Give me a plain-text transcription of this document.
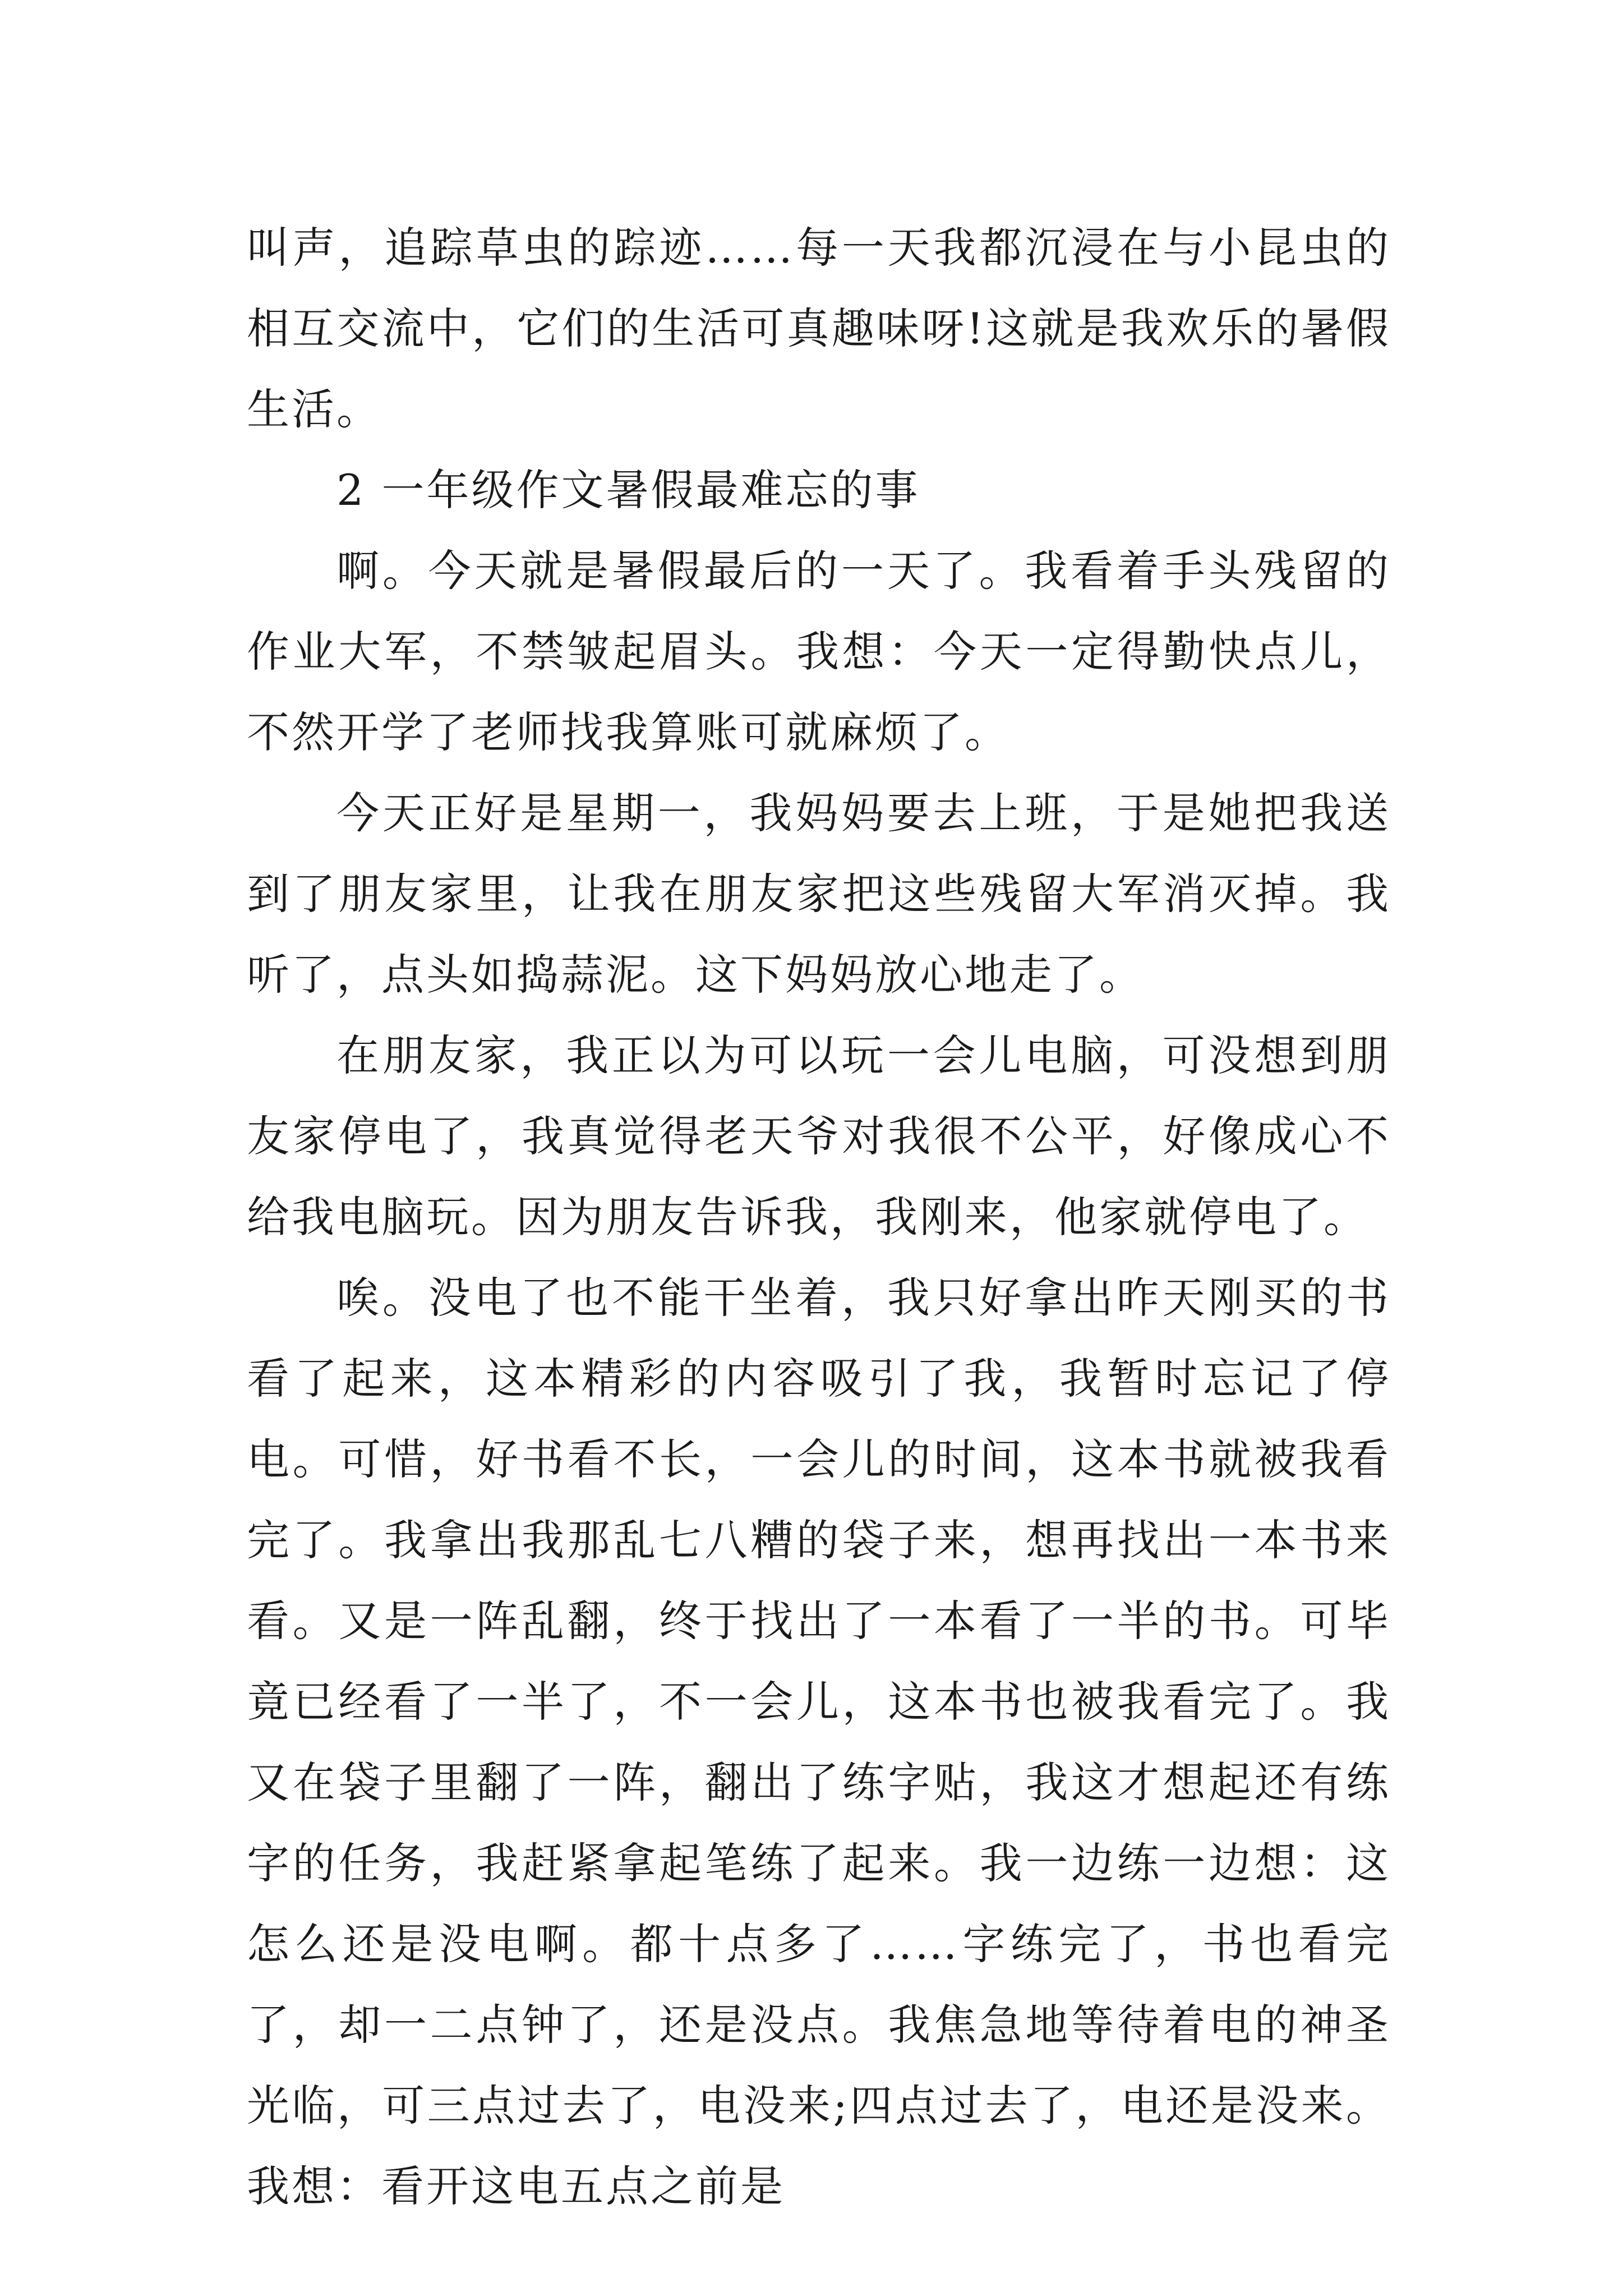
叫声，追踪草虫的踪迹……每一天我都沉浸在与小昆虫的相互交流中，它们的生活可真趣味呀!这就是我欢乐的暑假生活。

2 一年级作文暑假最难忘的事

啊。今天就是暑假最后的一天了。我看着手头残留的作业大军，不禁皱起眉头。我想：今天一定得勤快点儿，不然开学了老师找我算账可就麻烦了。

今天正好是星期一，我妈妈要去上班，于是她把我送到了朋友家里，让我在朋友家把这些残留大军消灭掉。我听了，点头如捣蒜泥。这下妈妈放心地走了。

在朋友家，我正以为可以玩一会儿电脑，可没想到朋友家停电了，我真觉得老天爷对我很不公平，好像成心不给我电脑玩。因为朋友告诉我，我刚来，他家就停电了。

唉。没电了也不能干坐着，我只好拿出昨天刚买的书看了起来，这本精彩的内容吸引了我，我暂时忘记了停电。可惜，好书看不长，一会儿的时间，这本书就被我看完了。我拿出我那乱七八糟的袋子来，想再找出一本书来看。又是一阵乱翻，终于找出了一本看了一半的书。可毕竟已经看了一半了，不一会儿，这本书也被我看完了。我又在袋子里翻了一阵，翻出了练字贴，我这才想起还有练字的任务，我赶紧拿起笔练了起来。我一边练一边想：这怎么还是没电啊。都十点多了……字练完了，书也看完了，却一二点钟了，还是没点。我焦急地等待着电的神圣光临，可三点过去了，电没来;四点过去了，电还是没来。我想：看开这电五点之前是
